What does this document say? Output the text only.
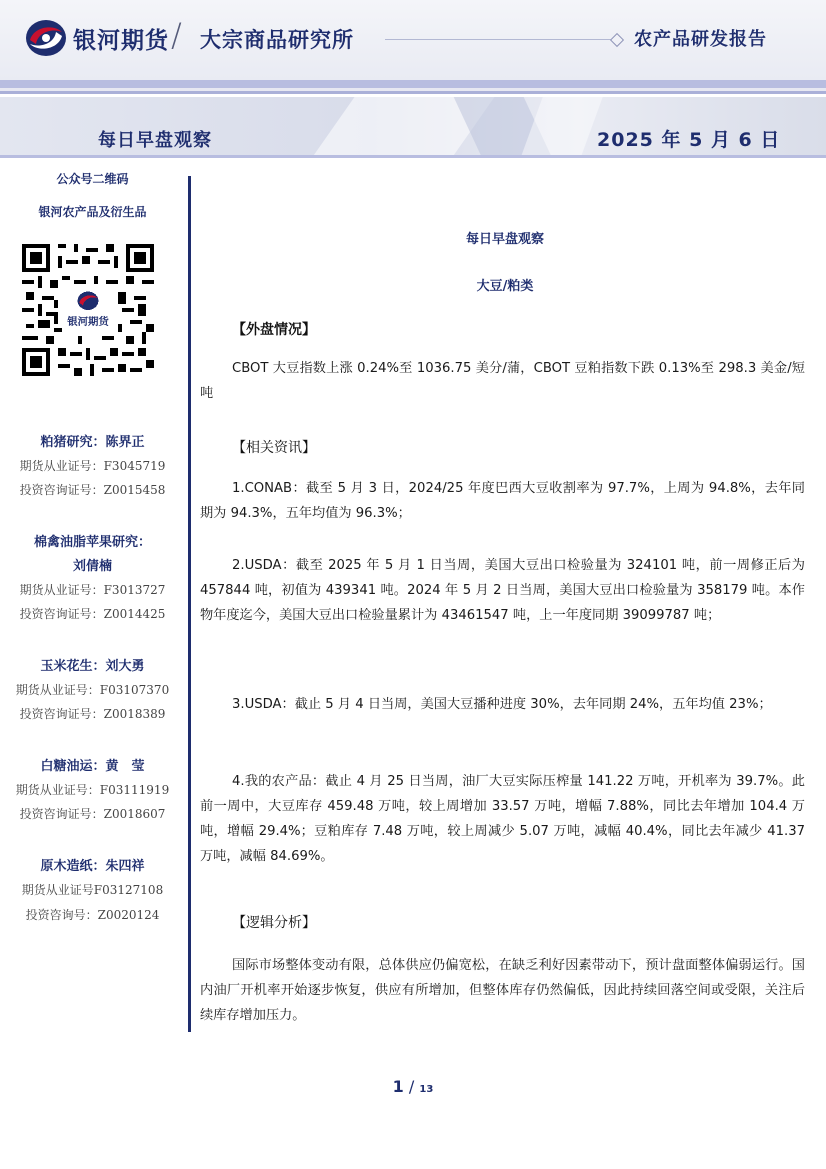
银河期货 / 大宗商品研究所	农产品研发报告
每日早盘观察	2025 年 5 月 6 日
公众号二维码
银河农产品及衍生品
银河期货
粕猪研究：陈界正
期货从业证号：F3045719
投资咨询证号：Z0015458
棉禽油脂苹果研究：
刘倩楠
期货从业证号：F3013727
投资咨询证号：Z0014425
玉米花生：刘大勇
期货从业证号：F03107370
投资咨询证号：Z0018389
白糖油运：黄　莹
期货从业证号：F03111919
投资咨询证号：Z0018607
原木造纸：朱四祥
期货从业证号F03127108
投资咨询号：Z0020124
每日早盘观察
大豆/粕类
【外盘情况】
CBOT 大豆指数上涨 0.24%至 1036.75 美分/蒲，CBOT 豆粕指数下跌 0.13%至 298.3 美金/短吨
【相关资讯】
1.CONAB：截至 5 月 3 日，2024/25 年度巴西大豆收割率为 97.7%，上周为 94.8%，去年同期为 94.3%，五年均值为 96.3%；
2.USDA：截至 2025 年 5 月 1 日当周，美国大豆出口检验量为 324101 吨，前一周修正后为 457844 吨，初值为 439341 吨。2024 年 5 月 2 日当周，美国大豆出口检验量为 358179 吨。本作物年度迄今，美国大豆出口检验量累计为 43461547 吨，上一年度同期 39099787 吨；
3.USDA：截止 5 月 4 日当周，美国大豆播种进度 30%，去年同期 24%，五年均值 23%；
4.我的农产品：截止 4 月 25 日当周，油厂大豆实际压榨量 141.22 万吨，开机率为 39.7%。此前一周中，大豆库存 459.48 万吨，较上周增加 33.57 万吨，增幅 7.88%，同比去年增加 104.4 万吨，增幅 29.4%；豆粕库存 7.48 万吨，较上周减少 5.07 万吨，减幅 40.4%，同比去年减少 41.37 万吨，减幅 84.69%。
【逻辑分析】
国际市场整体变动有限，总体供应仍偏宽松，在缺乏利好因素带动下，预计盘面整体偏弱运行。国内油厂开机率开始逐步恢复，供应有所增加，但整体库存仍然偏低，因此持续回落空间或受限，关注后续库存增加压力。
1 / 13
